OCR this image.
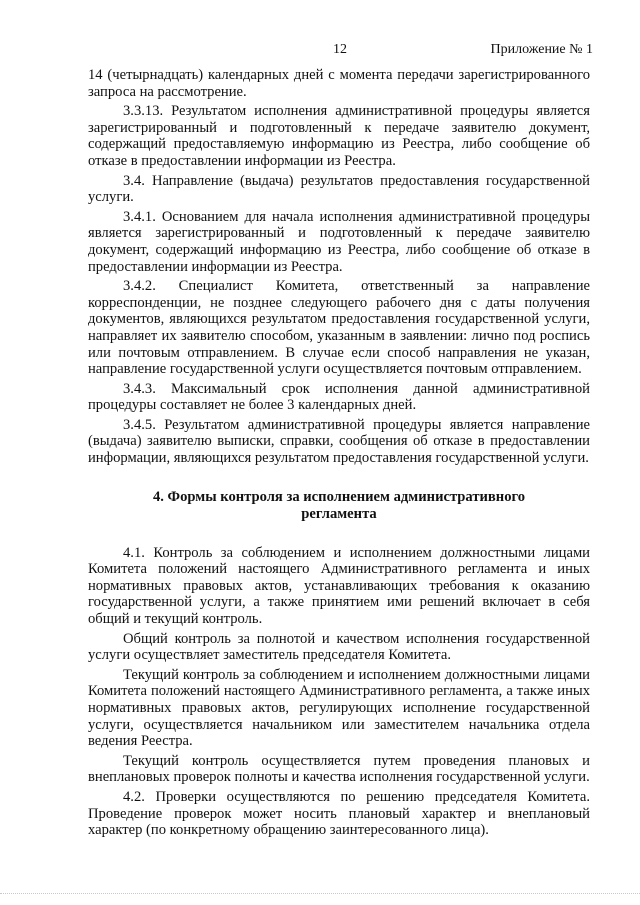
12	Приложение № 1

14 (четырнадцать) календарных дней с момента передачи зарегистрированного запроса на рассмотрение.

3.3.13. Результатом исполнения административной процедуры является зарегистрированный и подготовленный к передаче заявителю документ, содержащий предоставляемую информацию из Реестра, либо сообщение об отказе в предоставлении информации из Реестра.

3.4. Направление (выдача) результатов предоставления государственной услуги.

3.4.1. Основанием для начала исполнения административной процедуры является зарегистрированный и подготовленный к передаче заявителю документ, содержащий информацию из Реестра, либо сообщение об отказе в предоставлении информации из Реестра.

3.4.2. Специалист Комитета, ответственный за направление корреспонденции, не позднее следующего рабочего дня с даты получения документов, являющихся результатом предоставления государственной услуги, направляет их заявителю способом, указанным в заявлении: лично под роспись или почтовым отправлением. В случае если способ направления не указан, направление государственной услуги осуществляется почтовым отправлением.

3.4.3. Максимальный срок исполнения данной административной процедуры составляет не более 3 календарных дней.

3.4.5. Результатом административной процедуры является направление (выдача) заявителю выписки, справки, сообщения об отказе в предоставлении информации, являющихся результатом предоставления государственной услуги.

4. Формы контроля за исполнением административного регламента

4.1. Контроль за соблюдением и исполнением должностными лицами Комитета положений настоящего Административного регламента и иных нормативных правовых актов, устанавливающих требования к оказанию государственной услуги, а также принятием ими решений включает в себя общий и текущий контроль.

Общий контроль за полнотой и качеством исполнения государственной услуги осуществляет заместитель председателя Комитета.

Текущий контроль за соблюдением и исполнением должностными лицами Комитета положений настоящего Административного регламента, а также иных нормативных правовых актов, регулирующих исполнение государственной услуги, осуществляется начальником или заместителем начальника отдела ведения Реестра.

Текущий контроль осуществляется путем проведения плановых и внеплановых проверок полноты и качества исполнения государственной услуги.

4.2. Проверки осуществляются по решению председателя Комитета. Проведение проверок может носить плановый характер и внеплановый характер (по конкретному обращению заинтересованного лица).
